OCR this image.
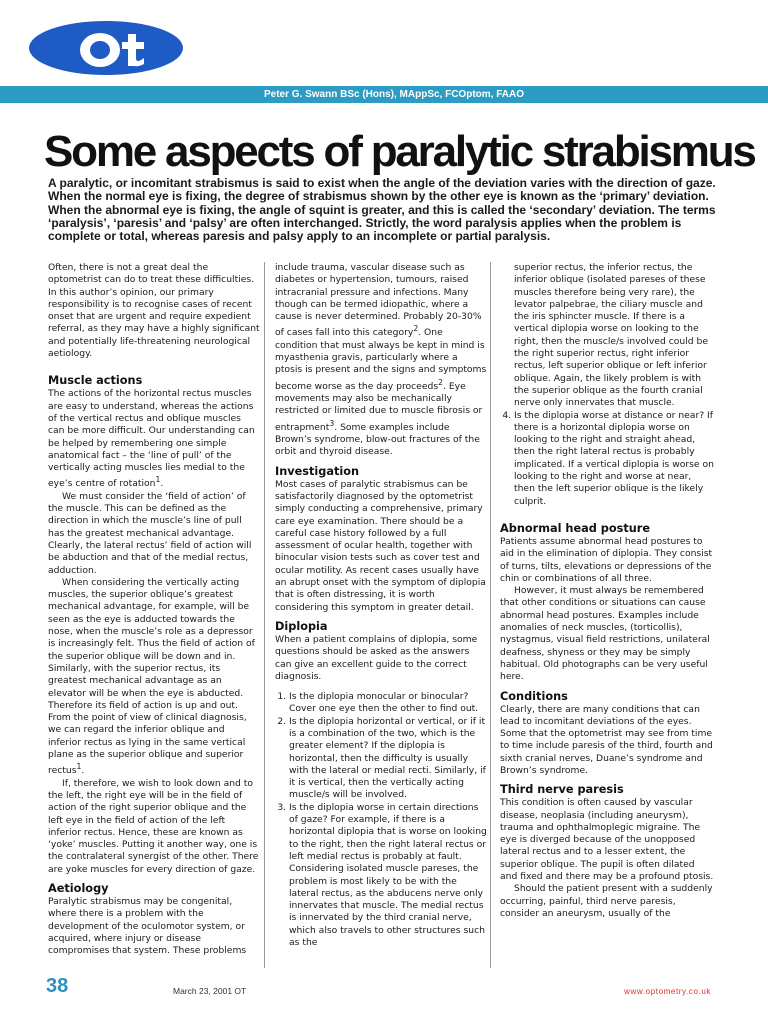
Peter G. Swann BSc (Hons), MAppSc, FCOptom, FAAO
Some aspects of paralytic strabismus
A paralytic, or incomitant strabismus is said to exist when the angle of the deviation varies with the direction of gaze. When the normal eye is fixing, the degree of strabismus shown by the other eye is known as the ‘primary’ deviation. When the abnormal eye is fixing, the angle of squint is greater, and this is called the ‘secondary’ deviation. The terms ‘paralysis’, ‘paresis’ and ‘palsy’ are often interchanged. Strictly, the word paralysis applies when the problem is complete or total, whereas paresis and palsy apply to an incomplete or partial paralysis.

Often, there is not a great deal the optometrist can do to treat these difficulties. In this author’s opinion, our primary responsibility is to recognise cases of recent onset that are urgent and require expedient referral, as they may have a highly significant and potentially life-threatening neurological aetiology.

Muscle actions

The actions of the horizontal rectus muscles are easy to understand, whereas the actions of the vertical rectus and oblique muscles can be more difficult. Our understanding can be helped by remembering one simple anatomical fact – the ‘line of pull’ of the vertically acting muscles lies medial to the eye’s centre of rotation$^1$.

We must consider the ‘field of action’ of the muscle. This can be defined as the direction in which the muscle’s line of pull has the greatest mechanical advantage. Clearly, the lateral rectus’ field of action will be abduction and that of the medial rectus, adduction.

When considering the vertically acting muscles, the superior oblique’s greatest mechanical advantage, for example, will be seen as the eye is adducted towards the nose, when the muscle’s role as a depressor is increasingly felt. Thus the field of action of the superior oblique will be down and in. Similarly, with the superior rectus, its greatest mechanical advantage as an elevator will be when the eye is abducted. Therefore its field of action is up and out. From the point of view of clinical diagnosis, we can regard the inferior oblique and inferior rectus as lying in the same vertical plane as the superior oblique and superior rectus$^1$.

If, therefore, we wish to look down and to the left, the right eye will be in the field of action of the right superior oblique and the left eye in the field of action of the left inferior rectus. Hence, these are known as ‘yoke’ muscles. Putting it another way, one is the contralateral synergist of the other. There are yoke muscles for every direction of gaze.

Aetiology

Paralytic strabismus may be congenital, where there is a problem with the development of the oculomotor system, or acquired, where injury or disease compromises that system. These problems

include trauma, vascular disease such as diabetes or hypertension, tumours, raised intracranial pressure and infections. Many though can be termed idiopathic, where a cause is never determined. Probably 20-30% of cases fall into this category$^2$. One condition that must always be kept in mind is myasthenia gravis, particularly where a ptosis is present and the signs and symptoms become worse as the day proceeds$^2$. Eye movements may also be mechanically restricted or limited due to muscle fibrosis or entrapment$^3$. Some examples include Brown’s syndrome, blow-out fractures of the orbit and thyroid disease.

Investigation

Most cases of paralytic strabismus can be satisfactorily diagnosed by the optometrist simply conducting a comprehensive, primary care eye examination. There should be a careful case history followed by a full assessment of ocular health, together with binocular vision tests such as cover test and ocular motility. As recent cases usually have an abrupt onset with the symptom of diplopia that is often distressing, it is worth considering this symptom in greater detail.

Diplopia

When a patient complains of diplopia, some questions should be asked as the answers can give an excellent guide to the correct diagnosis.

1. Is the diplopia monocular or binocular? Cover one eye then the other to find out.
2. Is the diplopia horizontal or vertical, or if it is a combination of the two, which is the greater element? If the diplopia is horizontal, then the difficulty is usually with the lateral or medial recti. Similarly, if it is vertical, then the vertically acting muscle/s will be involved.
3. Is the diplopia worse in certain directions of gaze? For example, if there is a horizontal diplopia that is worse on looking to the right, then the right lateral rectus or left medial rectus is probably at fault. Considering isolated muscle pareses, the problem is most likely to be with the lateral rectus, as the abducens nerve only innervates that muscle. The medial rectus is innervated by the third cranial nerve, which also travels to other structures such as the

superior rectus, the inferior rectus, the inferior oblique (isolated pareses of these muscles therefore being very rare), the levator palpebrae, the ciliary muscle and the iris sphincter muscle. If there is a vertical diplopia worse on looking to the right, then the muscle/s involved could be the right superior rectus, right inferior rectus, left superior oblique or left inferior oblique. Again, the likely problem is with the superior oblique as the fourth cranial nerve only innervates that muscle.

4. Is the diplopia worse at distance or near? If there is a horizontal diplopia worse on looking to the right and straight ahead, then the right lateral rectus is probably implicated. If a vertical diplopia is worse on looking to the right and worse at near, then the left superior oblique is the likely culprit.
Abnormal head posture

Patients assume abnormal head postures to aid in the elimination of diplopia. They consist of turns, tilts, elevations or depressions of the chin or combinations of all three.

However, it must always be remembered that other conditions or situations can cause abnormal head postures. Examples include anomalies of neck muscles, (torticollis), nystagmus, visual field restrictions, unilateral deafness, shyness or they may be simply habitual. Old photographs can be very useful here.

Conditions

Clearly, there are many conditions that can lead to incomitant deviations of the eyes. Some that the optometrist may see from time to time include paresis of the third, fourth and sixth cranial nerves, Duane’s syndrome and Brown’s syndrome.

Third nerve paresis

This condition is often caused by vascular disease, neoplasia (including aneurysm), trauma and ophthalmoplegic migraine. The eye is diverged because of the unopposed lateral rectus and to a lesser extent, the superior oblique. The pupil is often dilated and fixed and there may be a profound ptosis.

Should the patient present with a suddenly occurring, painful, third nerve paresis, consider an aneurysm, usually of the

38	March 23, 2001 OT	www.optometry.co.uk
